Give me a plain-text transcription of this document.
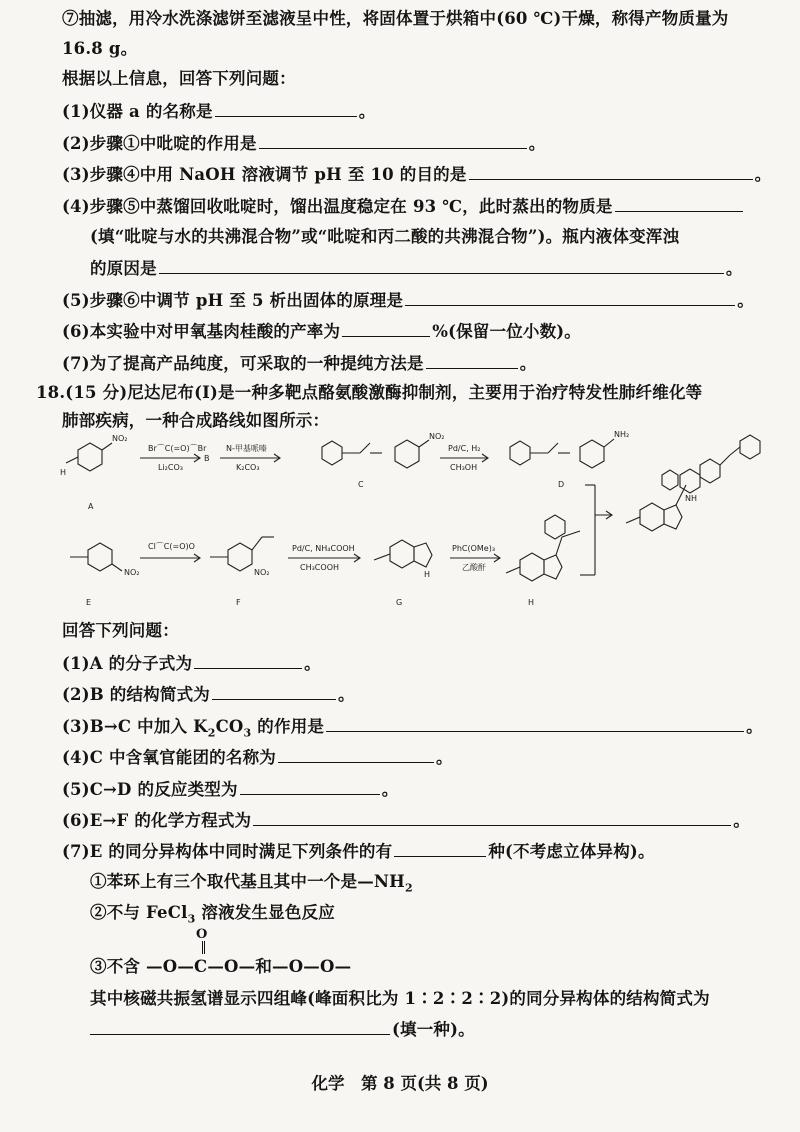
⑦抽滤，用冷水洗涤滤饼至滤液呈中性，将固体置于烘箱中(60 ℃)干燥，称得产物质量为
16.8 g。
根据以上信息，回答下列问题：
(1)仪器 a 的名称是	。
(2)步骤①中吡啶的作用是	。
(3)步骤④中用 NaOH 溶液调节 pH 至 10 的目的是	。
(4)步骤⑤中蒸馏回收吡啶时，馏出温度稳定在 93 ℃，此时蒸出的物质是
(填“吡啶与水的共沸混合物”或“吡啶和丙二酸的共沸混合物”)。瓶内液体变浑浊
的原因是	。
(5)步骤⑥中调节 pH 至 5 析出固体的原理是	。
(6)本实验中对甲氧基肉桂酸的产率为	%(保留一位小数)。
(7)为了提高产品纯度，可采取的一种提纯方法是	。
18.(15 分)尼达尼布(I)是一种多靶点酪氨酸激酶抑制剂，主要用于治疗特发性肺纤维化等
肺部疾病，一种合成路线如图所示：
NO₂
H
A
Br⌒C(=O)⌒Br
Li₂CO₃
B
N-甲基哌嗪
K₂CO₃
NO₂
C
Pd/C, H₂
CH₃OH
NH₂
D
NH
E
NO₂
Cl⌒C(=O)O
F
NO₂
Pd/C, NH₄COOH
CH₃COOH
H
G
PhC(OMe)₃
乙酸酐
H
回答下列问题：
(1)A 的分子式为	。
(2)B 的结构简式为	。
(3)B→C 中加入 $K_2CO_3$ 的作用是	。
(4)C 中含氧官能团的名称为	。
(5)C→D 的反应类型为	。
(6)E→F 的化学方程式为	。
(7)E 的同分异构体中同时满足下列条件的有	种(不考虑立体异构)。
①苯环上有三个取代基且其中一个是$—NH_2$
②不与 FeCl$_3$ 溶液发生显色反应
O
③不含 —O—C—O—和—O—O—
其中核磁共振氢谱显示四组峰(峰面积比为 1∶2∶2∶2)的同分异构体的结构简式为
(填一种)。
化学　第 8 页(共 8 页)
